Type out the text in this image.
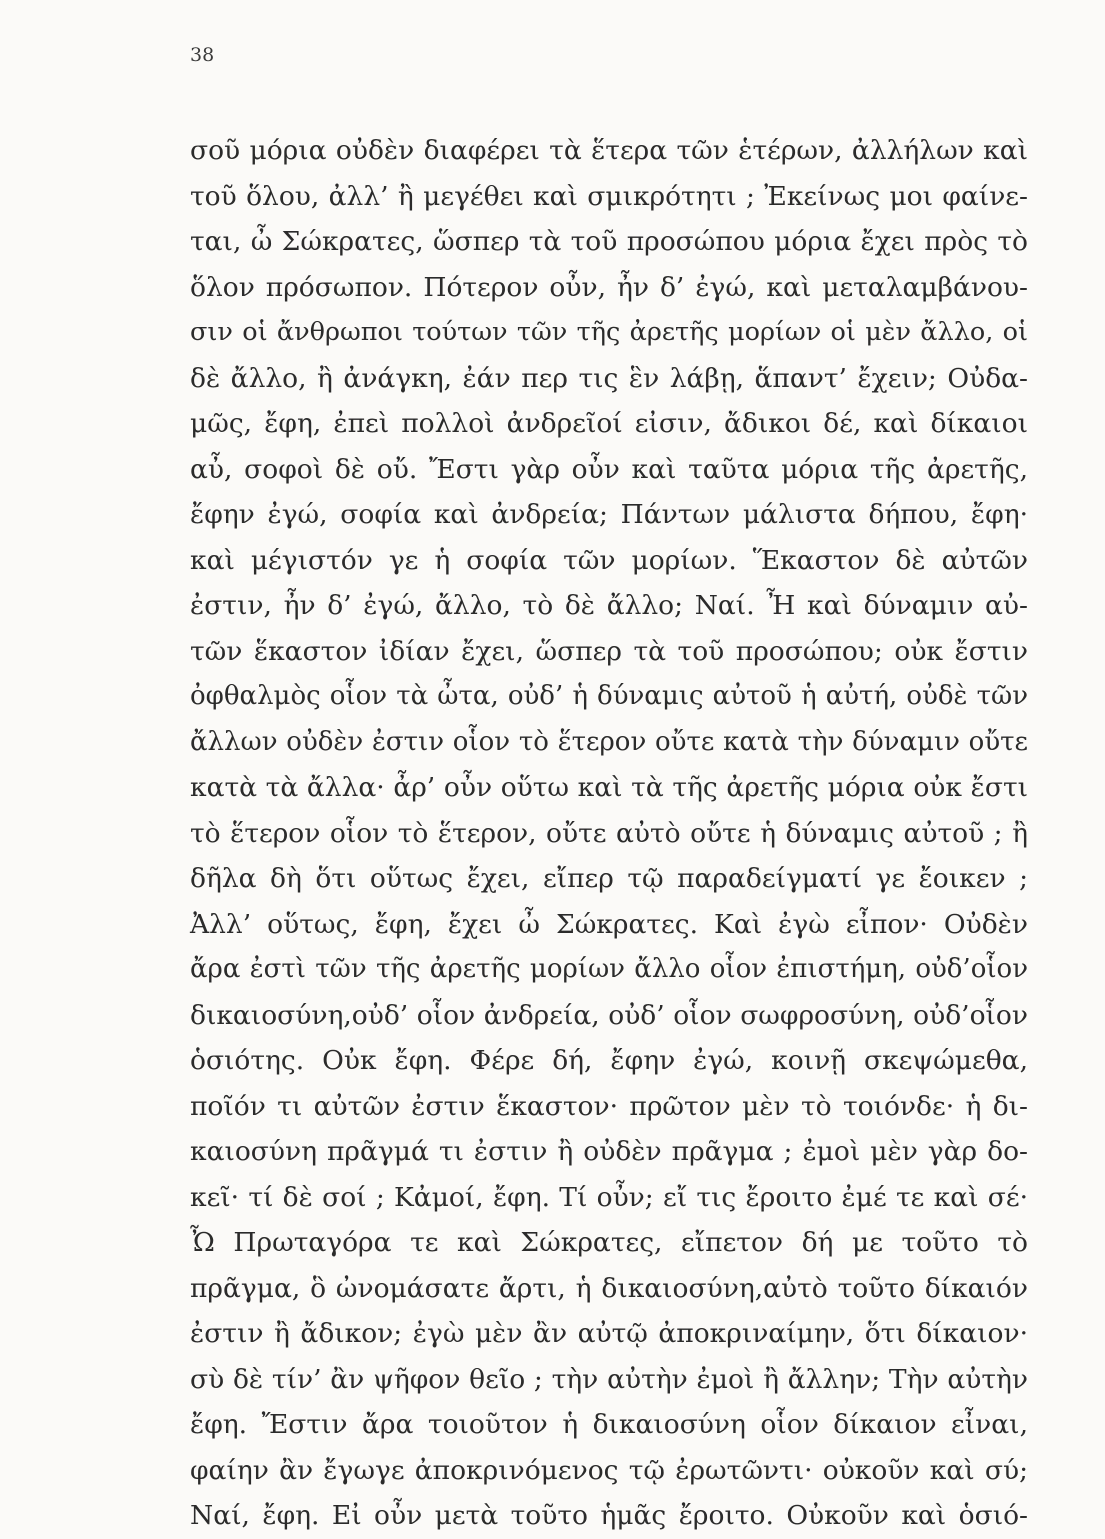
38
σοῦ μόρια οὐδὲν διαφέρει τὰ ἕτερα τῶν ἑτέρων, ἀλλήλων καὶ
τοῦ ὅλου, ἀλλ’ ἢ μεγέθει καὶ σμικρότητι ; Ἐκείνως μοι φαίνε-
ται, ὦ Σώκρατες, ὥσπερ τὰ τοῦ προσώπου μόρια ἔχει πρὸς τὸ
ὅλον πρόσωπον. Πότερον οὖν, ἦν δ’ ἐγώ, καὶ μεταλαμβάνου-
σιν οἱ ἄνθρωποι τούτων τῶν τῆς ἀρετῆς μορίων οἱ μὲν ἄλλο, οἱ
δὲ ἄλλο, ἢ ἀνάγκη, ἐάν περ τις ἓν λάβῃ, ἅπαντ’ ἔχειν; Οὐδα-
μῶς, ἔφη, ἐπεὶ πολλοὶ ἀνδρεῖοί εἰσιν, ἄδικοι δέ, καὶ δίκαιοι
αὖ, σοφοὶ δὲ οὔ. Ἔστι γὰρ οὖν καὶ ταῦτα μόρια τῆς ἀρετῆς,
ἔφην ἐγώ, σοφία καὶ ἀνδρεία; Πάντων μάλιστα δήπου, ἔφη·
καὶ μέγιστόν γε ἡ σοφία τῶν μορίων. Ἕκαστον δὲ αὐτῶν
ἐστιν, ἦν δ’ ἐγώ, ἄλλο, τὸ δὲ ἄλλο; Ναί. Ἦ καὶ δύναμιν αὐ-
τῶν ἕκαστον ἰδίαν ἔχει, ὥσπερ τὰ τοῦ προσώπου; οὐκ ἔστιν
ὀφθαλμὸς οἷον τὰ ὦτα, οὐδ’ ἡ δύναμις αὐτοῦ ἡ αὐτή, οὐδὲ τῶν
ἄλλων οὐδὲν ἐστιν οἷον τὸ ἕτερον οὔτε κατὰ τὴν δύναμιν οὔτε
κατὰ τὰ ἄλλα· ἆρ’ οὖν οὕτω καὶ τὰ τῆς ἀρετῆς μόρια οὐκ ἔστι
τὸ ἕτερον οἷον τὸ ἕτερον, οὔτε αὐτὸ οὔτε ἡ δύναμις αὐτοῦ ; ἢ
δῆλα δὴ ὅτι οὕτως ἔχει, εἴπερ τῷ παραδείγματί γε ἔοικεν ;
Ἀλλ’ οὕτως, ἔφη, ἔχει ὦ Σώκρατες. Καὶ ἐγὼ εἶπον· Οὐδὲν
ἄρα ἐστὶ τῶν τῆς ἀρετῆς μορίων ἄλλο οἷον ἐπιστήμη, οὐδ’οἷον
δικαιοσύνη,οὐδ’ οἷον ἀνδρεία, οὐδ’ οἷον σωφροσύνη, οὐδ’οἷον
ὁσιότης. Οὐκ ἔφη. Φέρε δή, ἔφην ἐγώ, κοινῇ σκεψώμεθα,
ποῖόν τι αὐτῶν ἐστιν ἕκαστον· πρῶτον μὲν τὸ τοιόνδε· ἡ δι-
καιοσύνη πρᾶγμά τι ἐστιν ἢ οὐδὲν πρᾶγμα ; ἐμοὶ μὲν γὰρ δο-
κεῖ· τί δὲ σοί ; Κἀμοί, ἔφη. Τί οὖν; εἴ τις ἔροιτο ἐμέ τε καὶ σέ·
Ὦ Πρωταγόρα τε καὶ Σώκρατες, εἴπετον δή με τοῦτο τὸ
πρᾶγμα, ὃ ὠνομάσατε ἄρτι, ἡ δικαιοσύνη,αὐτὸ τοῦτο δίκαιόν
ἐστιν ἢ ἄδικον; ἐγὼ μὲν ἂν αὐτῷ ἀποκριναίμην, ὅτι δίκαιον·
σὺ δὲ τίν’ ἂν ψῆφον θεῖο ; τὴν αὐτὴν ἐμοὶ ἢ ἄλλην; Τὴν αὐτὴν
ἔφη. Ἔστιν ἄρα τοιοῦτον ἡ δικαιοσύνη οἷον δίκαιον εἶναι,
φαίην ἂν ἔγωγε ἀποκρινόμενος τῷ ἐρωτῶντι· οὐκοῦν καὶ σύ;
Ναί, ἔφη. Εἰ οὖν μετὰ τοῦτο ἡμᾶς ἔροιτο. Οὐκοῦν καὶ ὁσιό-
